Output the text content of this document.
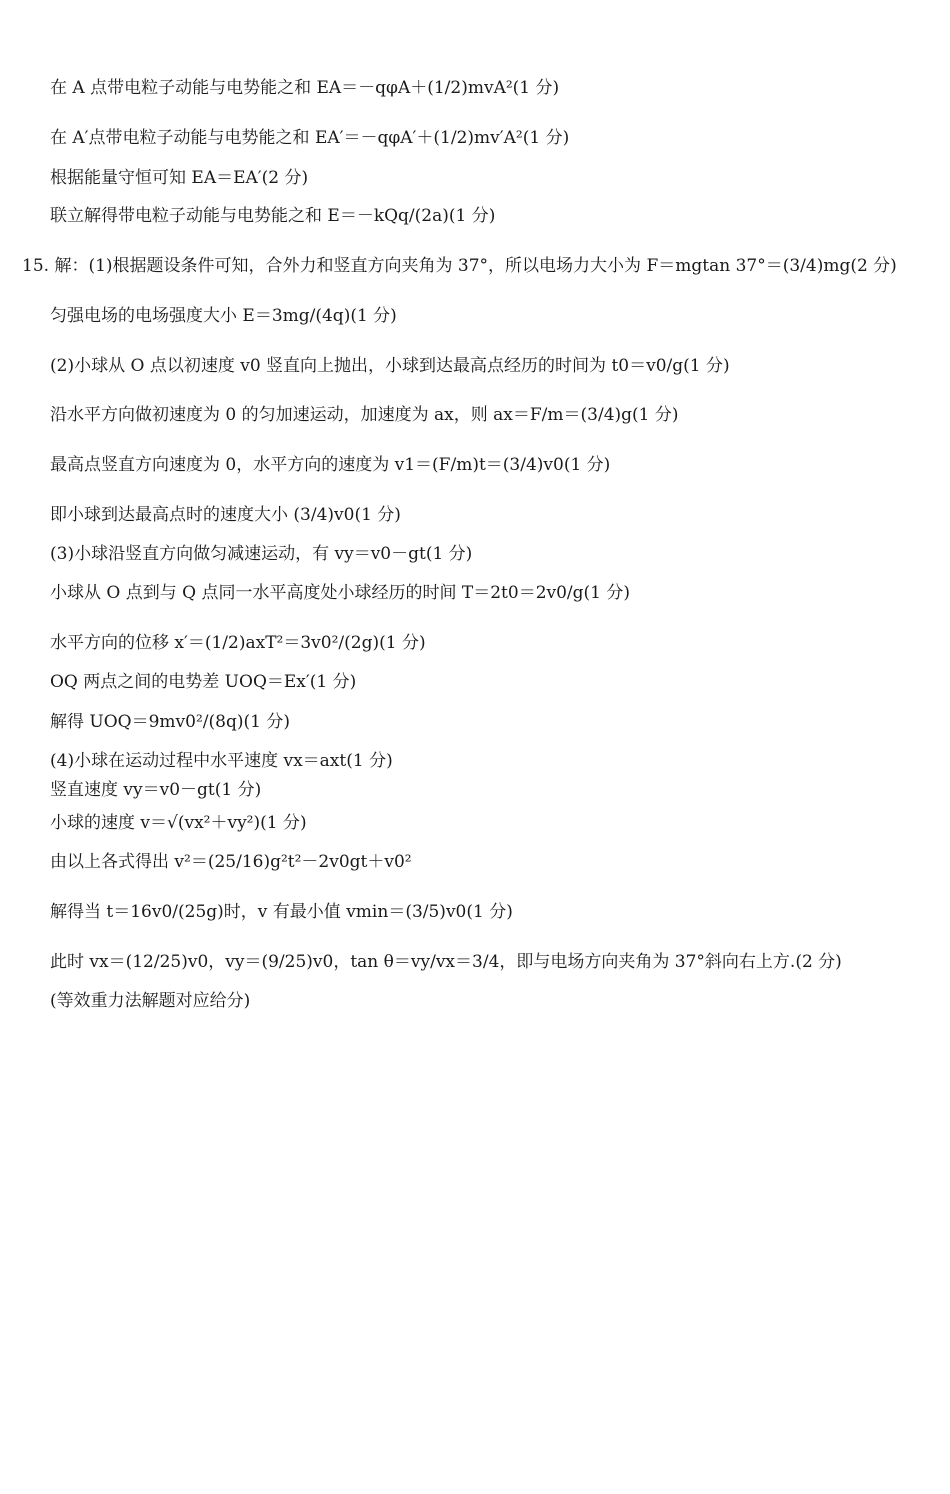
在 A 点带电粒子动能与电势能之和 EA＝－qφA＋(1/2)mvA²(1 分)
在 A′点带电粒子动能与电势能之和 EA′＝－qφA′＋(1/2)mv′A²(1 分)
根据能量守恒可知 EA＝EA′(2 分)
联立解得带电粒子动能与电势能之和 E＝－kQq/(2a)(1 分)
15. 解：(1)根据题设条件可知，合外力和竖直方向夹角为 37°，所以电场力大小为 F＝mgtan 37°＝(3/4)mg(2 分)
匀强电场的电场强度大小 E＝3mg/(4q)(1 分)
(2)小球从 O 点以初速度 v0 竖直向上抛出，小球到达最高点经历的时间为 t0＝v0/g(1 分)
沿水平方向做初速度为 0 的匀加速运动，加速度为 ax，则 ax＝F/m＝(3/4)g(1 分)
最高点竖直方向速度为 0，水平方向的速度为 v1＝(F/m)t＝(3/4)v0(1 分)
即小球到达最高点时的速度大小 (3/4)v0(1 分)
(3)小球沿竖直方向做匀减速运动，有 vy＝v0－gt(1 分)
小球从 O 点到与 Q 点同一水平高度处小球经历的时间 T＝2t0＝2v0/g(1 分)
水平方向的位移 x′＝(1/2)axT²＝3v0²/(2g)(1 分)
OQ 两点之间的电势差 UOQ＝Ex′(1 分)
解得 UOQ＝9mv0²/(8q)(1 分)
(4)小球在运动过程中水平速度 vx＝axt(1 分)
竖直速度 vy＝v0－gt(1 分)
小球的速度 v＝√(vx²＋vy²)(1 分)
由以上各式得出 v²＝(25/16)g²t²－2v0gt＋v0²
解得当 t＝16v0/(25g)时，v 有最小值 vmin＝(3/5)v0(1 分)
此时 vx＝(12/25)v0，vy＝(9/25)v0，tan θ＝vy/vx＝3/4，即与电场方向夹角为 37°斜向右上方.(2 分)
(等效重力法解题对应给分)
